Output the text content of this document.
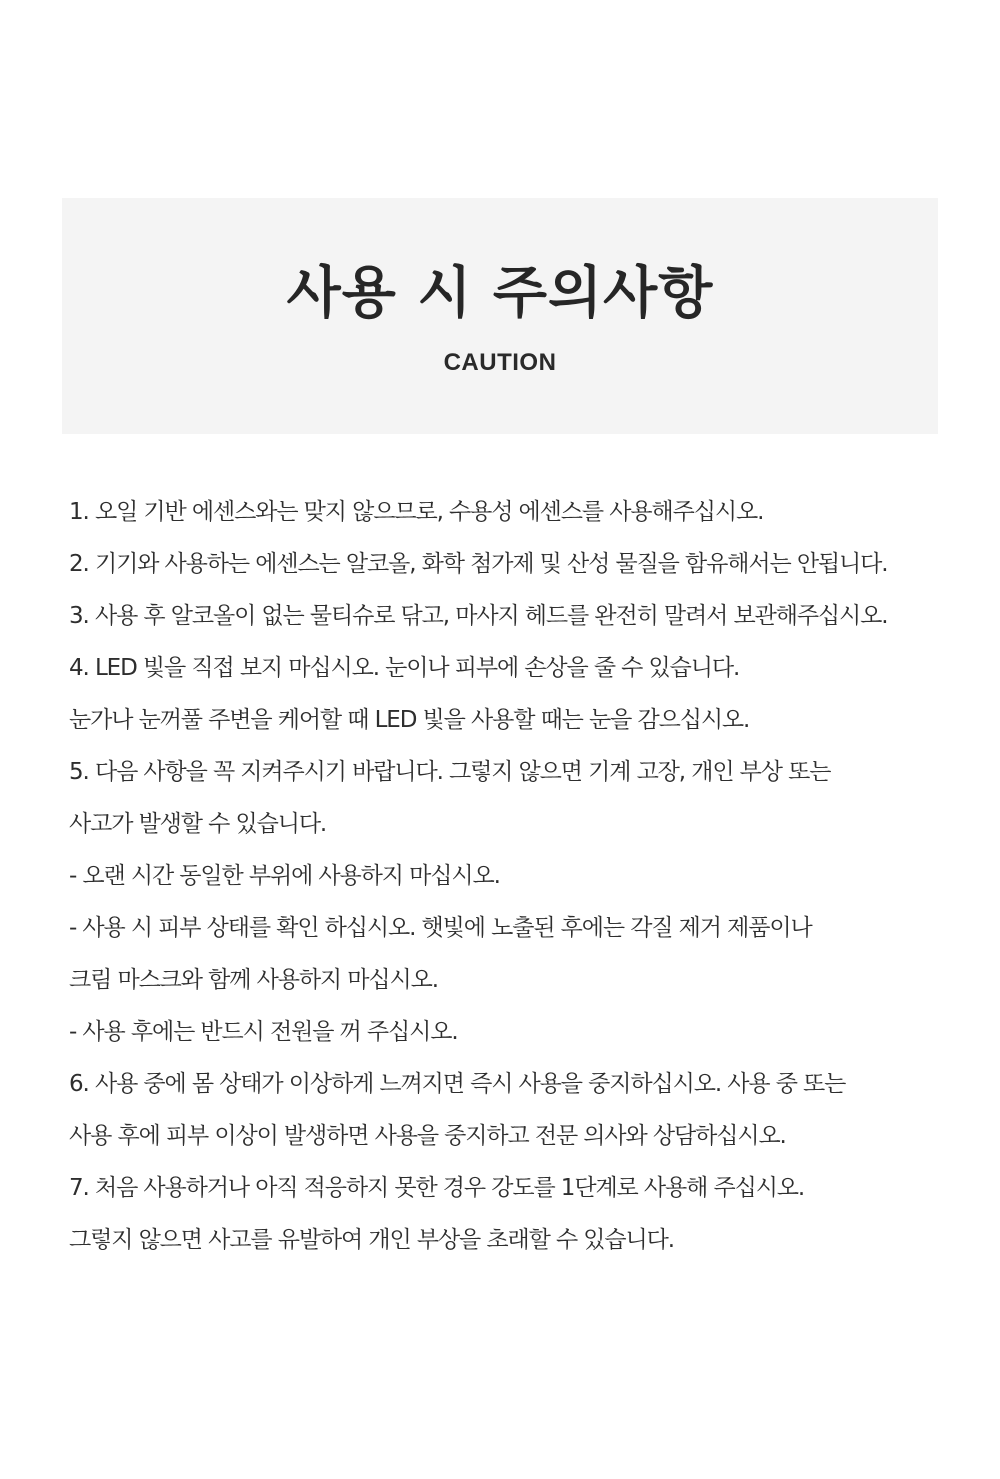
사용 시 주의사항
CAUTION
1. 오일 기반 에센스와는 맞지 않으므로, 수용성 에센스를 사용해주십시오.
2. 기기와 사용하는 에센스는 알코올, 화학 첨가제 및 산성 물질을 함유해서는 안됩니다.
3. 사용 후 알코올이 없는 물티슈로 닦고, 마사지 헤드를 완전히 말려서 보관해주십시오.
4. LED 빛을 직접 보지 마십시오. 눈이나 피부에 손상을 줄 수 있습니다.
눈가나 눈꺼풀 주변을 케어할 때 LED 빛을 사용할 때는 눈을 감으십시오.
5. 다음 사항을 꼭 지켜주시기 바랍니다. 그렇지 않으면 기계 고장, 개인 부상 또는
사고가 발생할 수 있습니다.
- 오랜 시간 동일한 부위에 사용하지 마십시오.
- 사용 시 피부 상태를 확인 하십시오. 햇빛에 노출된 후에는 각질 제거 제품이나
크림 마스크와 함께 사용하지 마십시오.
- 사용 후에는 반드시 전원을 꺼 주십시오.
6. 사용 중에 몸 상태가 이상하게 느껴지면 즉시 사용을 중지하십시오. 사용 중 또는
사용 후에 피부 이상이 발생하면 사용을 중지하고 전문 의사와 상담하십시오.
7. 처음 사용하거나 아직 적응하지 못한 경우 강도를 1단계로 사용해 주십시오.
그렇지 않으면 사고를 유발하여 개인 부상을 초래할 수 있습니다.
